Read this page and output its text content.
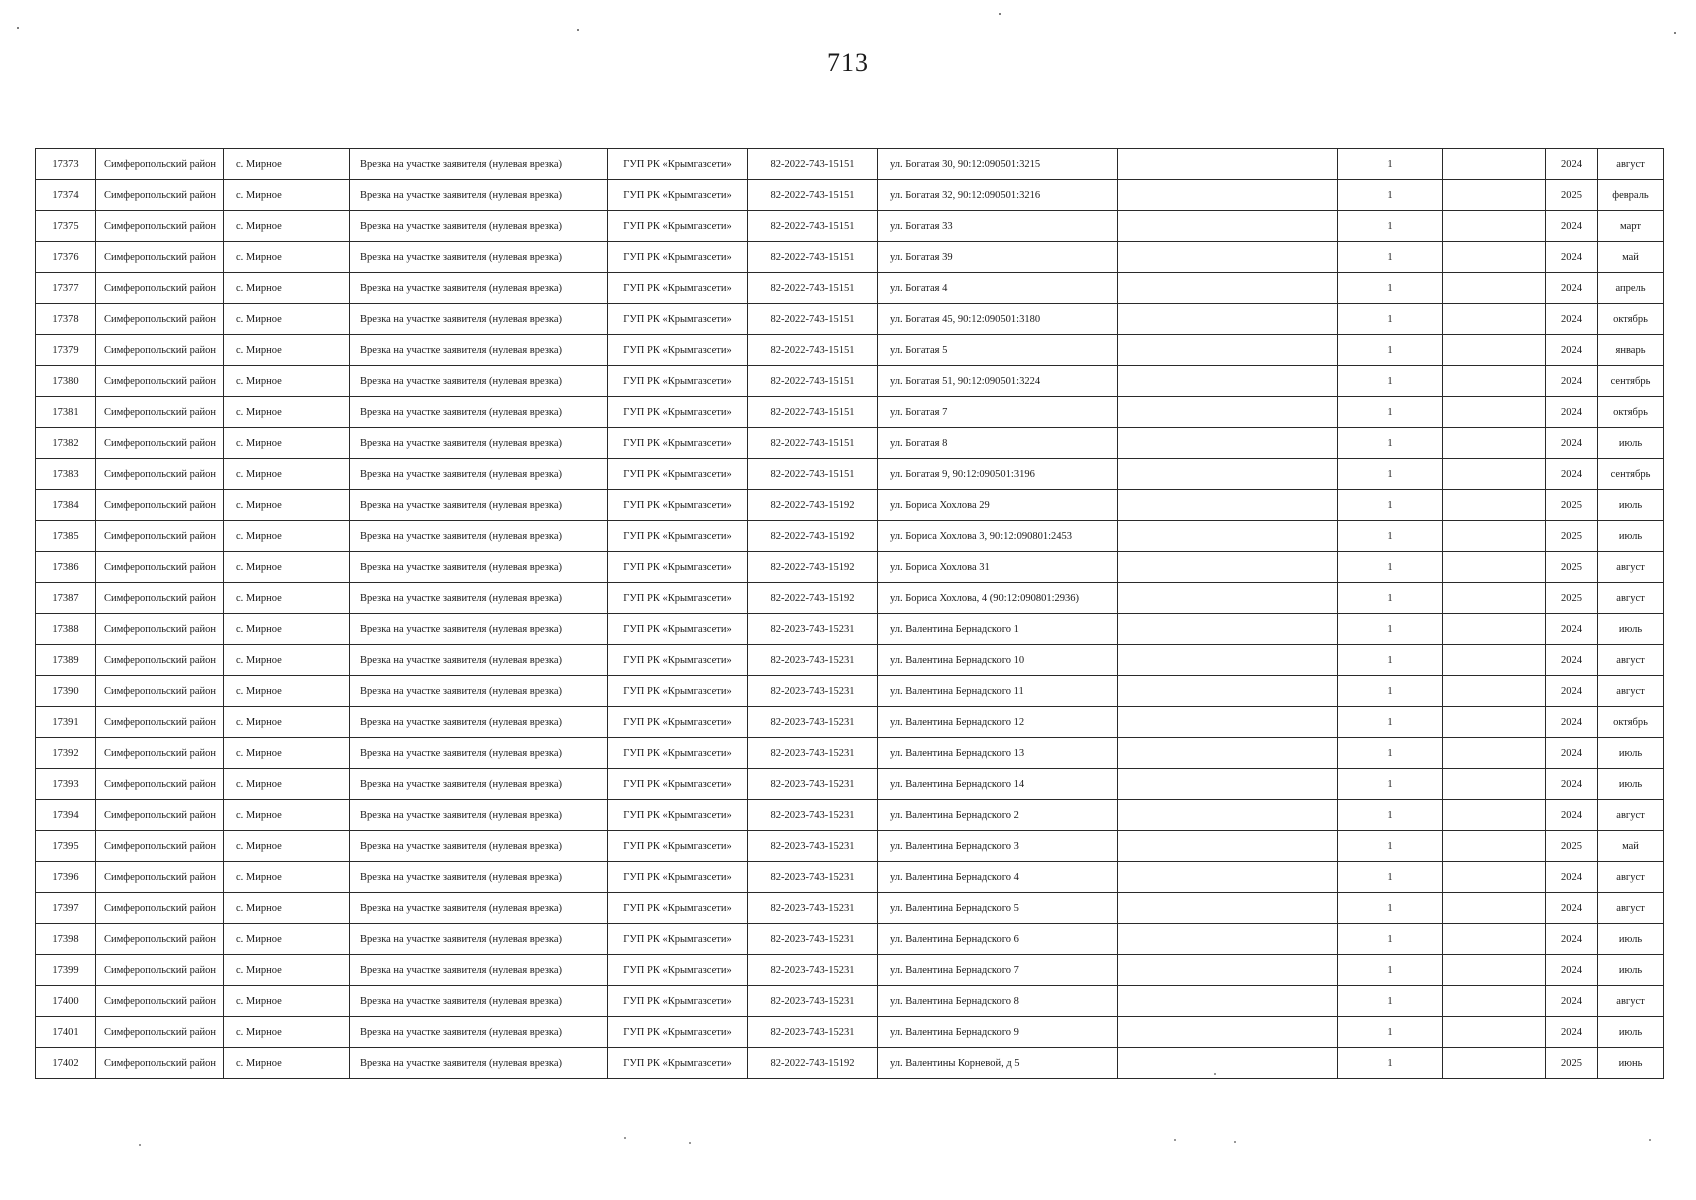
713
17373	Симферопольский район	с. Мирное	Врезка на участке заявителя (нулевая врезка)	ГУП РК «Крымгазсети»	82-2022-743-15151	ул. Богатая 30, 90:12:090501:3215		1		2024	август
17374	Симферопольский район	с. Мирное	Врезка на участке заявителя (нулевая врезка)	ГУП РК «Крымгазсети»	82-2022-743-15151	ул. Богатая 32, 90:12:090501:3216		1		2025	февраль
17375	Симферопольский район	с. Мирное	Врезка на участке заявителя (нулевая врезка)	ГУП РК «Крымгазсети»	82-2022-743-15151	ул. Богатая 33		1		2024	март
17376	Симферопольский район	с. Мирное	Врезка на участке заявителя (нулевая врезка)	ГУП РК «Крымгазсети»	82-2022-743-15151	ул. Богатая 39		1		2024	май
17377	Симферопольский район	с. Мирное	Врезка на участке заявителя (нулевая врезка)	ГУП РК «Крымгазсети»	82-2022-743-15151	ул. Богатая 4		1		2024	апрель
17378	Симферопольский район	с. Мирное	Врезка на участке заявителя (нулевая врезка)	ГУП РК «Крымгазсети»	82-2022-743-15151	ул. Богатая 45, 90:12:090501:3180		1		2024	октябрь
17379	Симферопольский район	с. Мирное	Врезка на участке заявителя (нулевая врезка)	ГУП РК «Крымгазсети»	82-2022-743-15151	ул. Богатая 5		1		2024	январь
17380	Симферопольский район	с. Мирное	Врезка на участке заявителя (нулевая врезка)	ГУП РК «Крымгазсети»	82-2022-743-15151	ул. Богатая 51, 90:12:090501:3224		1		2024	сентябрь
17381	Симферопольский район	с. Мирное	Врезка на участке заявителя (нулевая врезка)	ГУП РК «Крымгазсети»	82-2022-743-15151	ул. Богатая 7		1		2024	октябрь
17382	Симферопольский район	с. Мирное	Врезка на участке заявителя (нулевая врезка)	ГУП РК «Крымгазсети»	82-2022-743-15151	ул. Богатая 8		1		2024	июль
17383	Симферопольский район	с. Мирное	Врезка на участке заявителя (нулевая врезка)	ГУП РК «Крымгазсети»	82-2022-743-15151	ул. Богатая 9, 90:12:090501:3196		1		2024	сентябрь
17384	Симферопольский район	с. Мирное	Врезка на участке заявителя (нулевая врезка)	ГУП РК «Крымгазсети»	82-2022-743-15192	ул. Бориса Хохлова 29		1		2025	июль
17385	Симферопольский район	с. Мирное	Врезка на участке заявителя (нулевая врезка)	ГУП РК «Крымгазсети»	82-2022-743-15192	ул. Бориса Хохлова 3, 90:12:090801:2453		1		2025	июль
17386	Симферопольский район	с. Мирное	Врезка на участке заявителя (нулевая врезка)	ГУП РК «Крымгазсети»	82-2022-743-15192	ул. Бориса Хохлова 31		1		2025	август
17387	Симферопольский район	с. Мирное	Врезка на участке заявителя (нулевая врезка)	ГУП РК «Крымгазсети»	82-2022-743-15192	ул. Бориса Хохлова, 4 (90:12:090801:2936)		1		2025	август
17388	Симферопольский район	с. Мирное	Врезка на участке заявителя (нулевая врезка)	ГУП РК «Крымгазсети»	82-2023-743-15231	ул. Валентина Бернадского 1		1		2024	июль
17389	Симферопольский район	с. Мирное	Врезка на участке заявителя (нулевая врезка)	ГУП РК «Крымгазсети»	82-2023-743-15231	ул. Валентина Бернадского 10		1		2024	август
17390	Симферопольский район	с. Мирное	Врезка на участке заявителя (нулевая врезка)	ГУП РК «Крымгазсети»	82-2023-743-15231	ул. Валентина Бернадского 11		1		2024	август
17391	Симферопольский район	с. Мирное	Врезка на участке заявителя (нулевая врезка)	ГУП РК «Крымгазсети»	82-2023-743-15231	ул. Валентина Бернадского 12		1		2024	октябрь
17392	Симферопольский район	с. Мирное	Врезка на участке заявителя (нулевая врезка)	ГУП РК «Крымгазсети»	82-2023-743-15231	ул. Валентина Бернадского 13		1		2024	июль
17393	Симферопольский район	с. Мирное	Врезка на участке заявителя (нулевая врезка)	ГУП РК «Крымгазсети»	82-2023-743-15231	ул. Валентина Бернадского 14		1		2024	июль
17394	Симферопольский район	с. Мирное	Врезка на участке заявителя (нулевая врезка)	ГУП РК «Крымгазсети»	82-2023-743-15231	ул. Валентина Бернадского 2		1		2024	август
17395	Симферопольский район	с. Мирное	Врезка на участке заявителя (нулевая врезка)	ГУП РК «Крымгазсети»	82-2023-743-15231	ул. Валентина Бернадского 3		1		2025	май
17396	Симферопольский район	с. Мирное	Врезка на участке заявителя (нулевая врезка)	ГУП РК «Крымгазсети»	82-2023-743-15231	ул. Валентина Бернадского 4		1		2024	август
17397	Симферопольский район	с. Мирное	Врезка на участке заявителя (нулевая врезка)	ГУП РК «Крымгазсети»	82-2023-743-15231	ул. Валентина Бернадского 5		1		2024	август
17398	Симферопольский район	с. Мирное	Врезка на участке заявителя (нулевая врезка)	ГУП РК «Крымгазсети»	82-2023-743-15231	ул. Валентина Бернадского 6		1		2024	июль
17399	Симферопольский район	с. Мирное	Врезка на участке заявителя (нулевая врезка)	ГУП РК «Крымгазсети»	82-2023-743-15231	ул. Валентина Бернадского 7		1		2024	июль
17400	Симферопольский район	с. Мирное	Врезка на участке заявителя (нулевая врезка)	ГУП РК «Крымгазсети»	82-2023-743-15231	ул. Валентина Бернадского 8		1		2024	август
17401	Симферопольский район	с. Мирное	Врезка на участке заявителя (нулевая врезка)	ГУП РК «Крымгазсети»	82-2023-743-15231	ул. Валентина Бернадского 9		1		2024	июль
17402	Симферопольский район	с. Мирное	Врезка на участке заявителя (нулевая врезка)	ГУП РК «Крымгазсети»	82-2022-743-15192	ул. Валентины Корневой, д 5		1		2025	июнь
